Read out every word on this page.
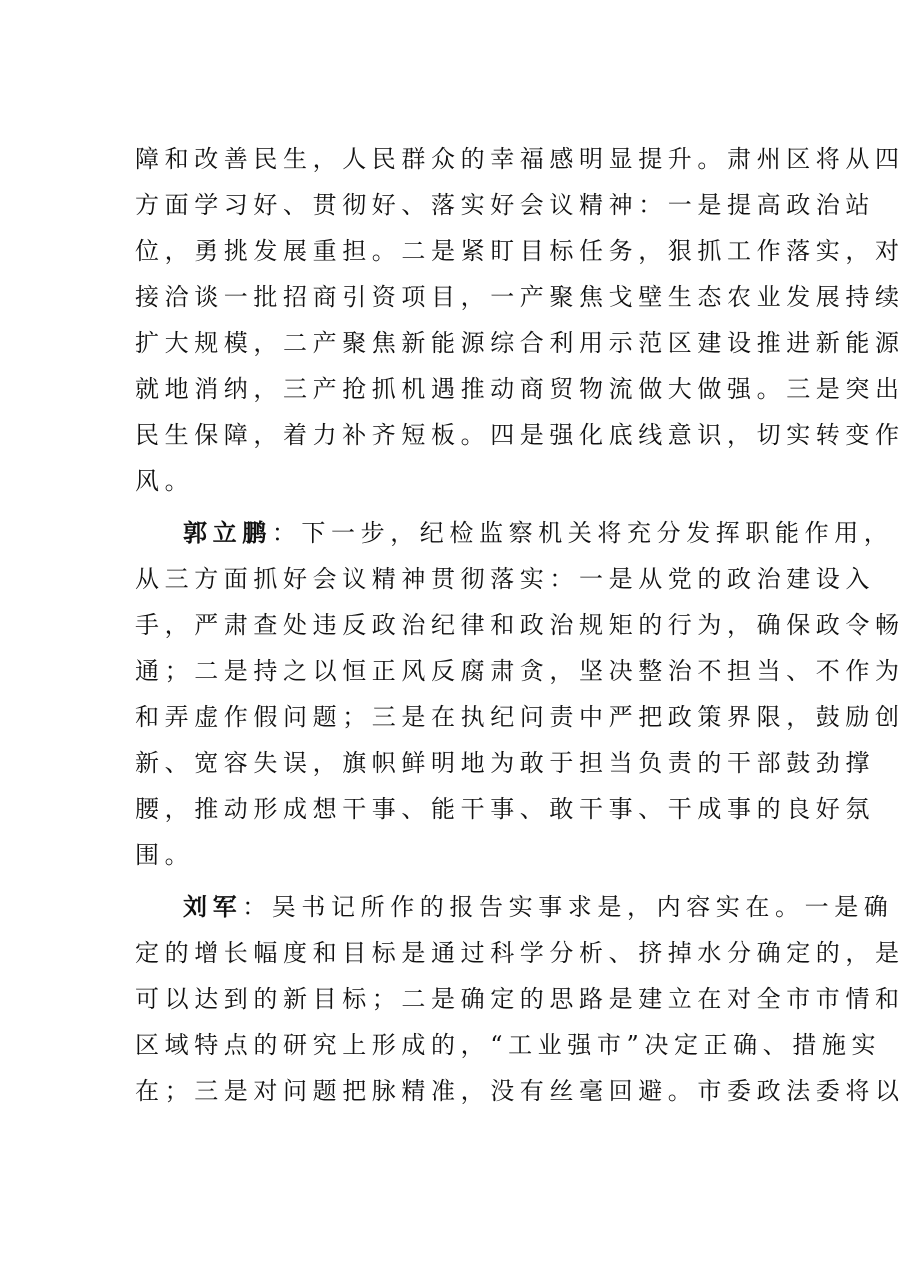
障和改善民生，人民群众的幸福感明显提升。肃州区将从四
方面学习好、贯彻好、落实好会议精神：一是提高政治站
位，勇挑发展重担。二是紧盯目标任务，狠抓工作落实，对
接洽谈一批招商引资项目，一产聚焦戈壁生态农业发展持续
扩大规模，二产聚焦新能源综合利用示范区建设推进新能源
就地消纳，三产抢抓机遇推动商贸物流做大做强。三是突出
民生保障，着力补齐短板。四是强化底线意识，切实转变作
风。
郭立鹏：下一步，纪检监察机关将充分发挥职能作用，
从三方面抓好会议精神贯彻落实：一是从党的政治建设入
手，严肃查处违反政治纪律和政治规矩的行为，确保政令畅
通；二是持之以恒正风反腐肃贪，坚决整治不担当、不作为
和弄虚作假问题；三是在执纪问责中严把政策界限，鼓励创
新、宽容失误，旗帜鲜明地为敢于担当负责的干部鼓劲撑
腰，推动形成想干事、能干事、敢干事、干成事的良好氛
围。
刘军：吴书记所作的报告实事求是，内容实在。一是确
定的增长幅度和目标是通过科学分析、挤掉水分确定的，是
可以达到的新目标；二是确定的思路是建立在对全市市情和
区域特点的研究上形成的，“工业强市”决定正确、措施实
在；三是对问题把脉精准，没有丝毫回避。市委政法委将以
